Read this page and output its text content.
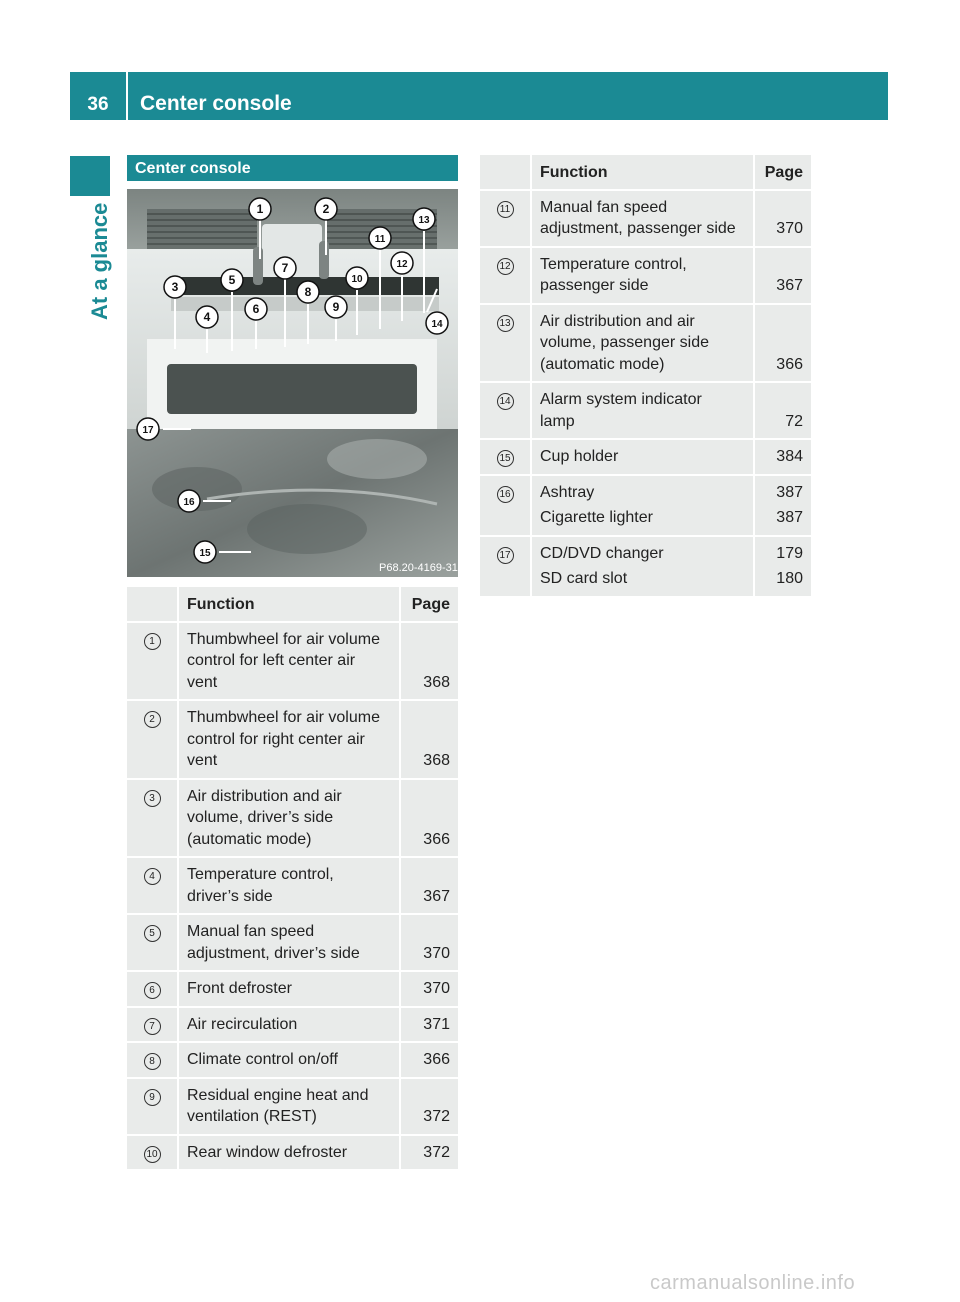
36	Center console
At a glance
Center console
1	2
3
4
5
6
7
8
9
10
11
12
13
14
15
16
17
P68.20-4169-31
	Function	Page
1	Thumbwheel for air volume
control for left center air
vent	368
2	Thumbwheel for air volume
control for right center air
vent	368
3	Air distribution and air
volume, driver’s side
(automatic mode)	366
4	Temperature control,
driver’s side	367
5	Manual fan speed
adjustment, driver’s side	370
6	Front defroster	370
7	Air recirculation	371
8	Climate control on/off	366
9	Residual engine heat and
ventilation (REST)	372
10	Rear window defroster	372
	Function	Page
11	Manual fan speed
adjustment, passenger side	370
12	Temperature control,
passenger side	367
13	Air distribution and air
volume, passenger side
(automatic mode)	366
14	Alarm system indicator
lamp	72
15	Cup holder	384
16	Ashtray	387
	Cigarette lighter	387
17	CD/DVD changer	179
	SD card slot	180
carmanualsonline.info
